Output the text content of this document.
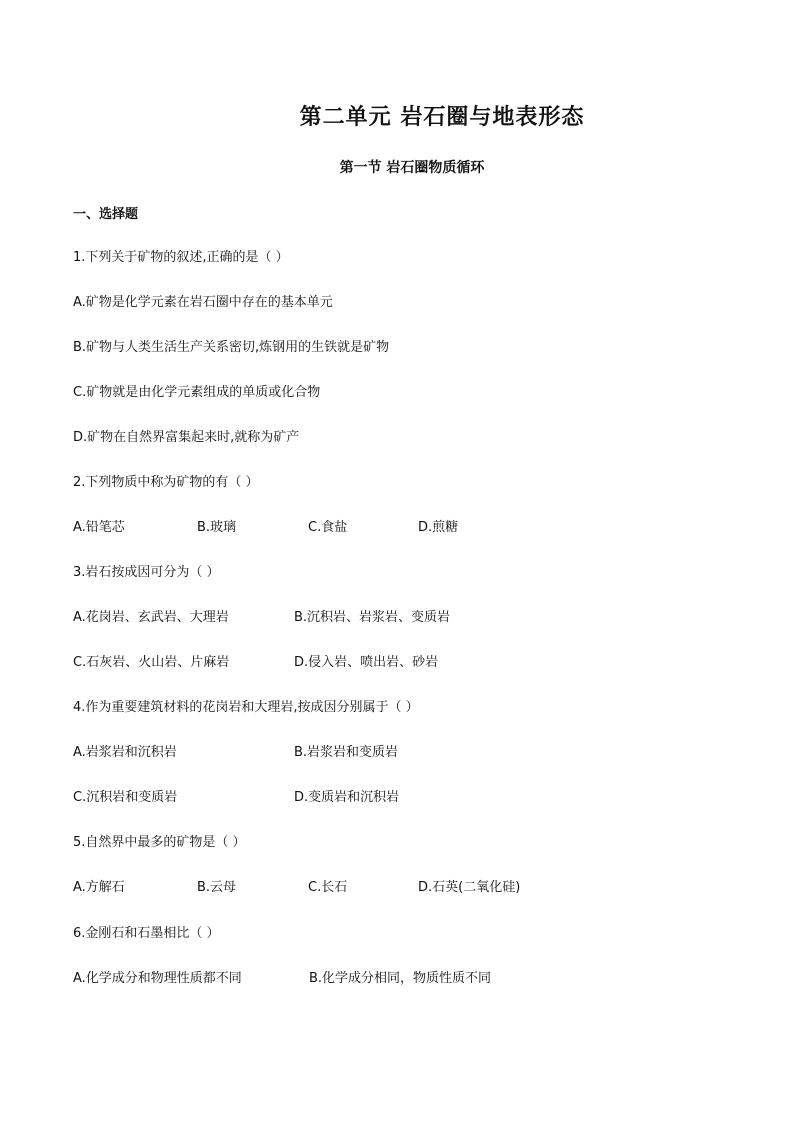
第二单元 岩石圈与地表形态
第一节 岩石圈物质循环
一、选择题
1.下列关于矿物的叙述,正确的是（ ）
A.矿物是化学元素在岩石圈中存在的基本单元
B.矿物与人类生活生产关系密切,炼钢用的生铁就是矿物
C.矿物就是由化学元素组成的单质或化合物
D.矿物在自然界富集起来时,就称为矿产
2.下列物质中称为矿物的有（ ）
A.铅笔芯	B.玻璃	C.食盐	D.煎糖
3.岩石按成因可分为（ ）
A.花岗岩、玄武岩、大理岩	B.沉积岩、岩浆岩、变质岩
C.石灰岩、火山岩、片麻岩	D.侵入岩、喷出岩、砂岩
4.作为重要建筑材料的花岗岩和大理岩,按成因分别属于（ ）
A.岩浆岩和沉积岩	B.岩浆岩和变质岩
C.沉积岩和变质岩	D.变质岩和沉积岩
5.自然界中最多的矿物是（ ）
A.方解石	B.云母	C.长石	D.石英(二氧化硅)
6.金刚石和石墨相比（ ）
A.化学成分和物理性质都不同	B.化学成分相同，物质性质不同
